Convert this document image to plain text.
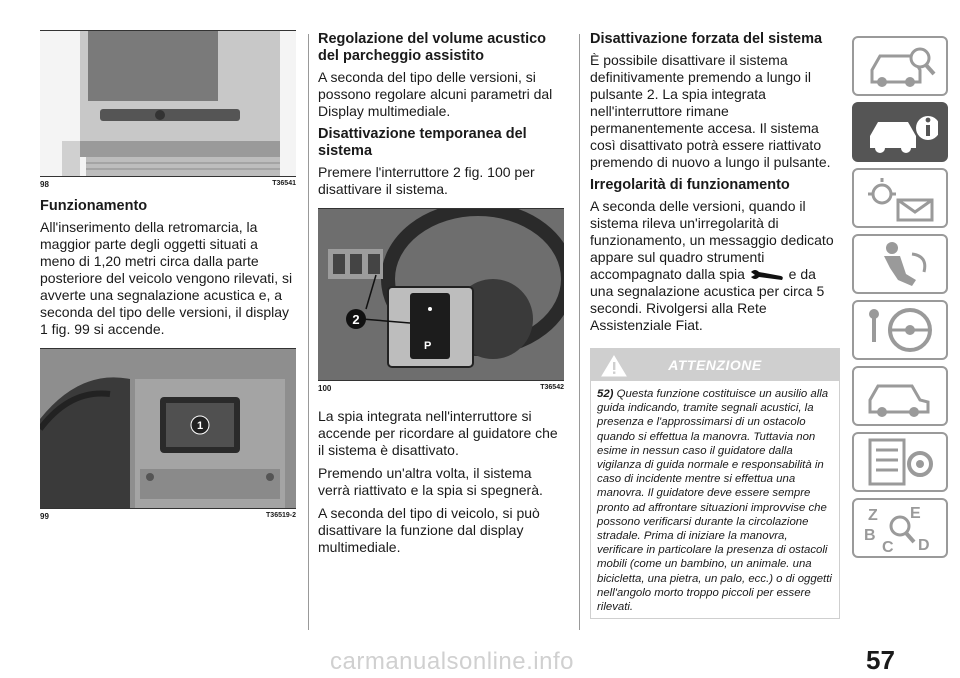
98	T36541
Funzionamento

All'inserimento della retromarcia, la maggior parte degli oggetti situati a meno di 1,20 metri circa dalla parte posteriore del veicolo vengono rilevati, si avverte una segnalazione acustica e, a seconda del tipo delle versioni, il display 1 fig. 99 si accende.

1
99	T36519-2
Regolazione del volume acustico del parcheggio assistito

A seconda del tipo delle versioni, si possono regolare alcuni parametri dal Display multimediale.

Disattivazione temporanea del sistema

Premere l'interruttore 2 fig. 100 per disattivare il sistema.

P
2
100	T36542

La spia integrata nell'interruttore si accende per ricordare al guidatore che il sistema è disattivato.

Premendo un'altra volta, il sistema verrà riattivato e la spia si spegnerà.

A seconda del tipo di veicolo, si può disattivare la funzione dal display multimediale.

Disattivazione forzata del sistema

È possibile disattivare il sistema definitivamente premendo a lungo il pulsante 2. La spia integrata nell'interruttore rimane permanentemente accesa. Il sistema così disattivato potrà essere riattivato premendo di nuovo a lungo il pulsante.

Irregolarità di funzionamento

A seconda delle versioni, quando il sistema rileva un'irregolarità di funzionamento, un messaggio dedicato appare sul quadro strumenti accompagnato dalla spia	e da una segnalazione acustica per circa 5 secondi. Rivolgersi alla Rete Assistenziale Fiat.

ATTENZIONE
52) Questa funzione costituisce un ausilio alla guida indicando, tramite segnali acustici, la presenza e l'approssimarsi di un ostacolo quando si effettua la manovra. Tuttavia non esime in nessun caso il guidatore dalla vigilanza di guida normale e responsabilità in caso di incidente mentre si effettua una manovra. Il guidatore deve essere sempre pronto ad affrontare situazioni improvvise che possono verificarsi durante la circolazione stradale. Prima di iniziare la manovra, verificare in particolare la presenza di ostacoli mobili (come un bambino, un animale. una bicicletta, una pietra, un palo, ecc.) o di oggetti nell'angolo morto troppo piccoli per essere rilevati.
Z E
B
C D
57
carmanualsonline.info
